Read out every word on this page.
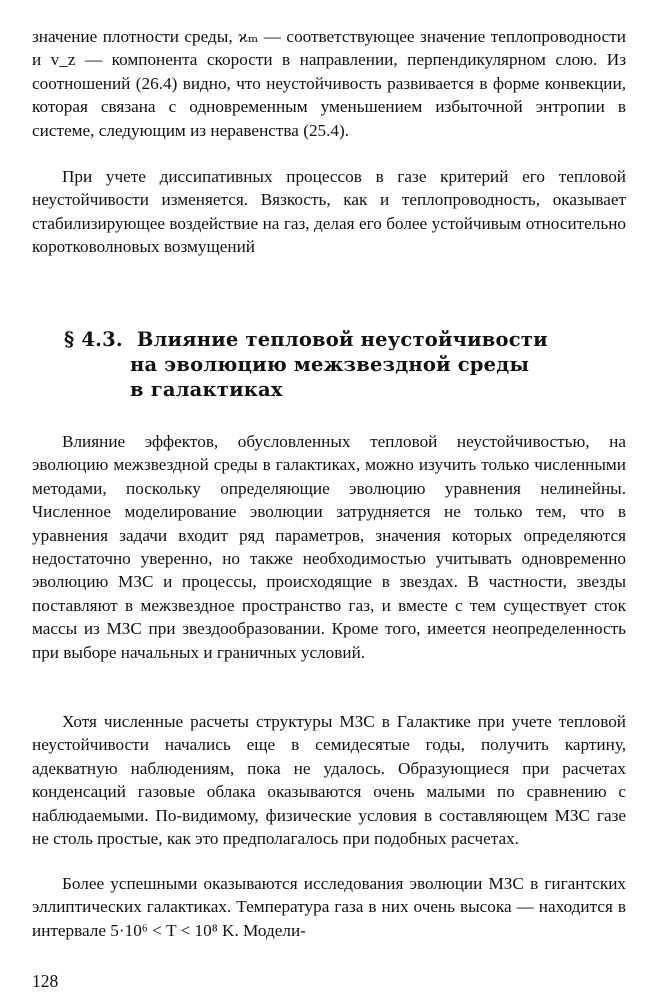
значение плотности среды, ϰₘ — соответствующее значение теплопроводности и v_z — компонента скорости в направлении, перпендикулярном слою. Из соотношений (26.4) видно, что неустойчивость развивается в форме конвекции, которая связана с одновременным уменьшением избыточной энтропии в системе, следующим из неравенства (25.4).

При учете диссипативных процессов в газе критерий его тепловой неустойчивости изменяется. Вязкость, как и теплопроводность, оказывает стабилизирующее воздействие на газ, делая его более устойчивым относительно коротковолновых возмущений

§ 4.3. Влияние тепловой неустойчивости
на эволюцию межзвездной среды
в галактиках

Влияние эффектов, обусловленных тепловой неустойчивостью, на эволюцию межзвездной среды в галактиках, можно изучить только численными методами, поскольку определяющие эволюцию уравнения нелинейны. Численное моделирование эволюции затрудняется не только тем, что в уравнения задачи входит ряд параметров, значения которых определяются недостаточно уверенно, но также необходимостью учитывать одновременно эволюцию МЗС и процессы, происходящие в звездах. В частности, звезды поставляют в межзвездное пространство газ, и вместе с тем существует сток массы из МЗС при звездообразовании. Кроме того, имеется неопределенность при выборе начальных и граничных условий.

Хотя численные расчеты структуры МЗС в Галактике при учете тепловой неустойчивости начались еще в семидесятые годы, получить картину, адекватную наблюдениям, пока не удалось. Образующиеся при расчетах конденсаций газовые облака оказываются очень малыми по сравнению с наблюдаемыми. По-видимому, физические условия в составляющем МЗС газе не столь простые, как это предполагалось при подобных расчетах.

Более успешными оказываются исследования эволюции МЗС в гигантских эллиптических галактиках. Температура газа в них очень высока — находится в интервале 5·10⁶ < T < 10⁸ K. Модели-

128
